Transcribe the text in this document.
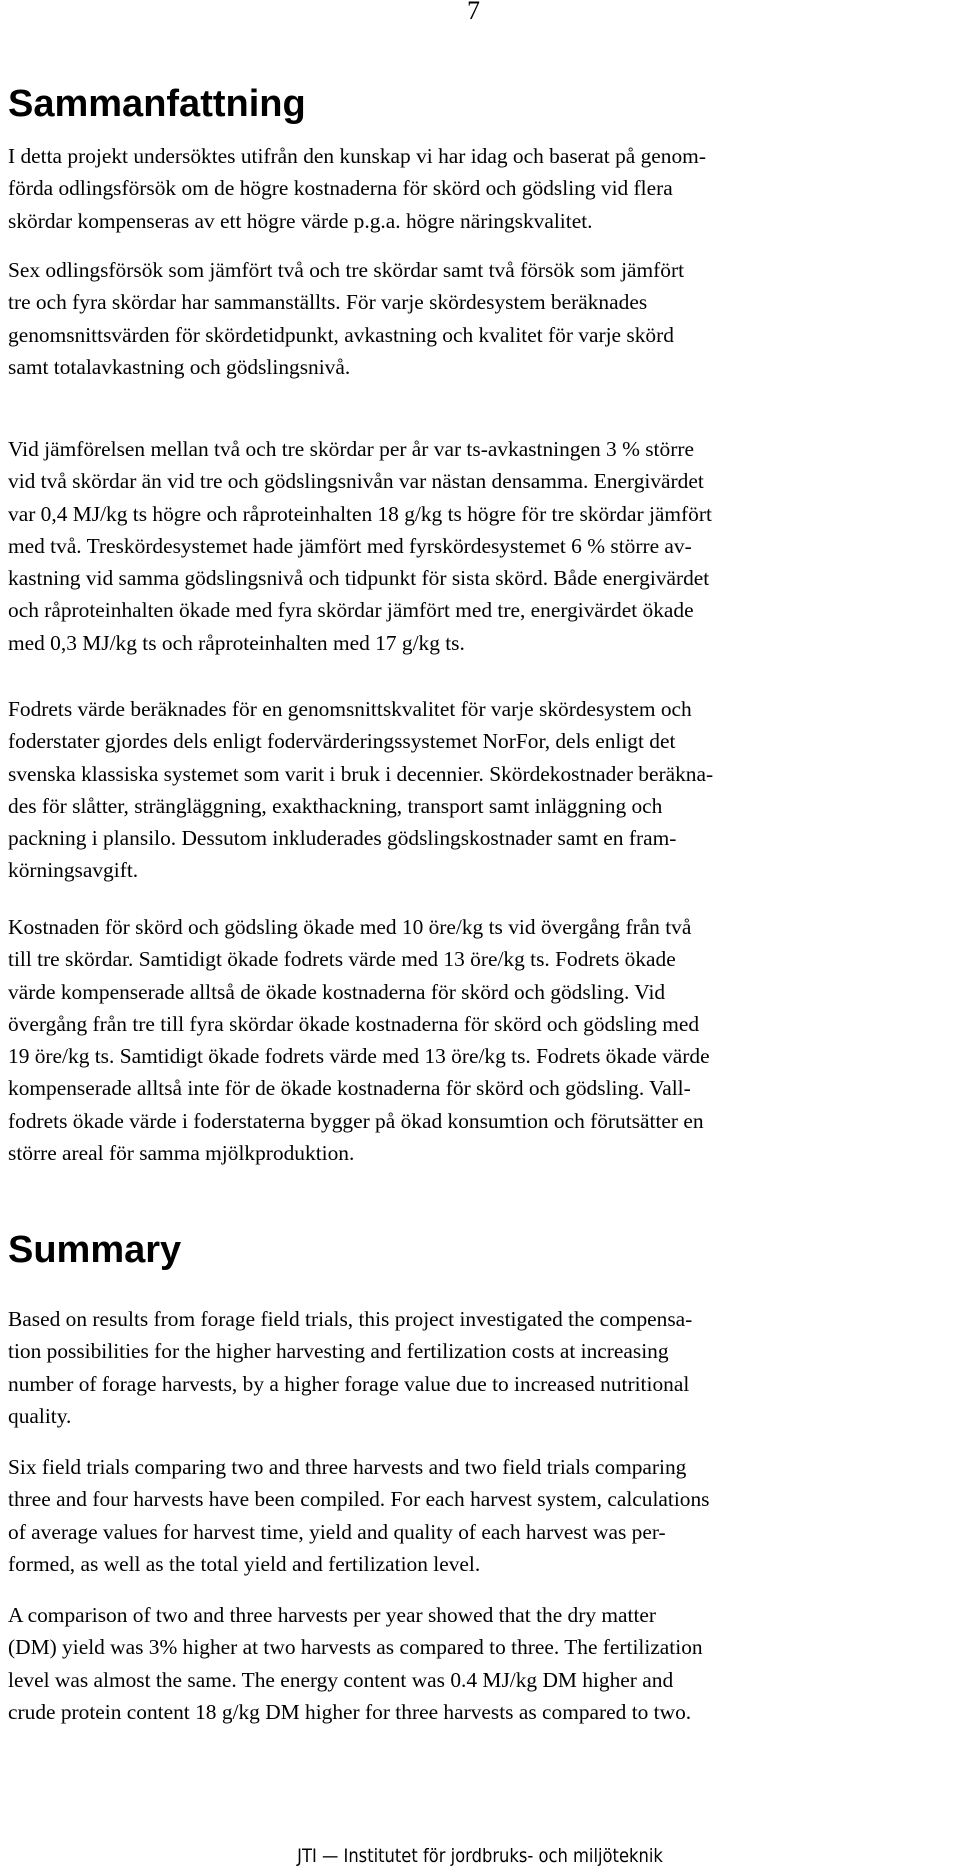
7
Sammanfattning
I detta projekt undersöktes utifrån den kunskap vi har idag och baserat på genom-
förda odlingsförsök om de högre kostnaderna för skörd och gödsling vid flera
skördar kompenseras av ett högre värde p.g.a. högre näringskvalitet.
Sex odlingsförsök som jämfört två och tre skördar samt två försök som jämfört
tre och fyra skördar har sammanställts. För varje skördesystem beräknades
genomsnittsvärden för skördetidpunkt, avkastning och kvalitet för varje skörd
samt totalavkastning och gödslingsnivå.
Vid jämförelsen mellan två och tre skördar per år var ts-avkastningen 3 % större
vid två skördar än vid tre och gödslingsnivån var nästan densamma. Energivärdet
var 0,4 MJ/kg ts högre och råproteinhalten 18 g/kg ts högre för tre skördar jämfört
med två. Treskördesystemet hade jämfört med fyrskördesystemet 6 % större av-
kastning vid samma gödslingsnivå och tidpunkt för sista skörd. Både energivärdet
och råproteinhalten ökade med fyra skördar jämfört med tre, energivärdet ökade
med 0,3 MJ/kg ts och råproteinhalten med 17 g/kg ts.
Fodrets värde beräknades för en genomsnittskvalitet för varje skördesystem och
foderstater gjordes dels enligt fodervärderingssystemet NorFor, dels enligt det
svenska klassiska systemet som varit i bruk i decennier. Skördekostnader beräkna-
des för slåtter, strängläggning, exakthackning, transport samt inläggning och
packning i plansilo. Dessutom inkluderades gödslingskostnader samt en fram-
körningsavgift.
Kostnaden för skörd och gödsling ökade med 10 öre/kg ts vid övergång från två
till tre skördar. Samtidigt ökade fodrets värde med 13 öre/kg ts. Fodrets ökade
värde kompenserade alltså de ökade kostnaderna för skörd och gödsling. Vid
övergång från tre till fyra skördar ökade kostnaderna för skörd och gödsling med
19 öre/kg ts. Samtidigt ökade fodrets värde med 13 öre/kg ts. Fodrets ökade värde
kompenserade alltså inte för de ökade kostnaderna för skörd och gödsling. Vall-
fodrets ökade värde i foderstaterna bygger på ökad konsumtion och förutsätter en
större areal för samma mjölkproduktion.
Summary
Based on results from forage field trials, this project investigated the compensa-
tion possibilities for the higher harvesting and fertilization costs at increasing
number of forage harvests, by a higher forage value due to increased nutritional
quality.
Six field trials comparing two and three harvests and two field trials comparing
three and four harvests have been compiled. For each harvest system, calculations
of average values for harvest time, yield and quality of each harvest was per-
formed, as well as the total yield and fertilization level.
A comparison of two and three harvests per year showed that the dry matter
(DM) yield was 3% higher at two harvests as compared to three. The fertilization
level was almost the same. The energy content was 0.4 MJ/kg DM higher and
crude protein content 18 g/kg DM higher for three harvests as compared to two.
JTI — Institutet för jordbruks- och miljöteknik
